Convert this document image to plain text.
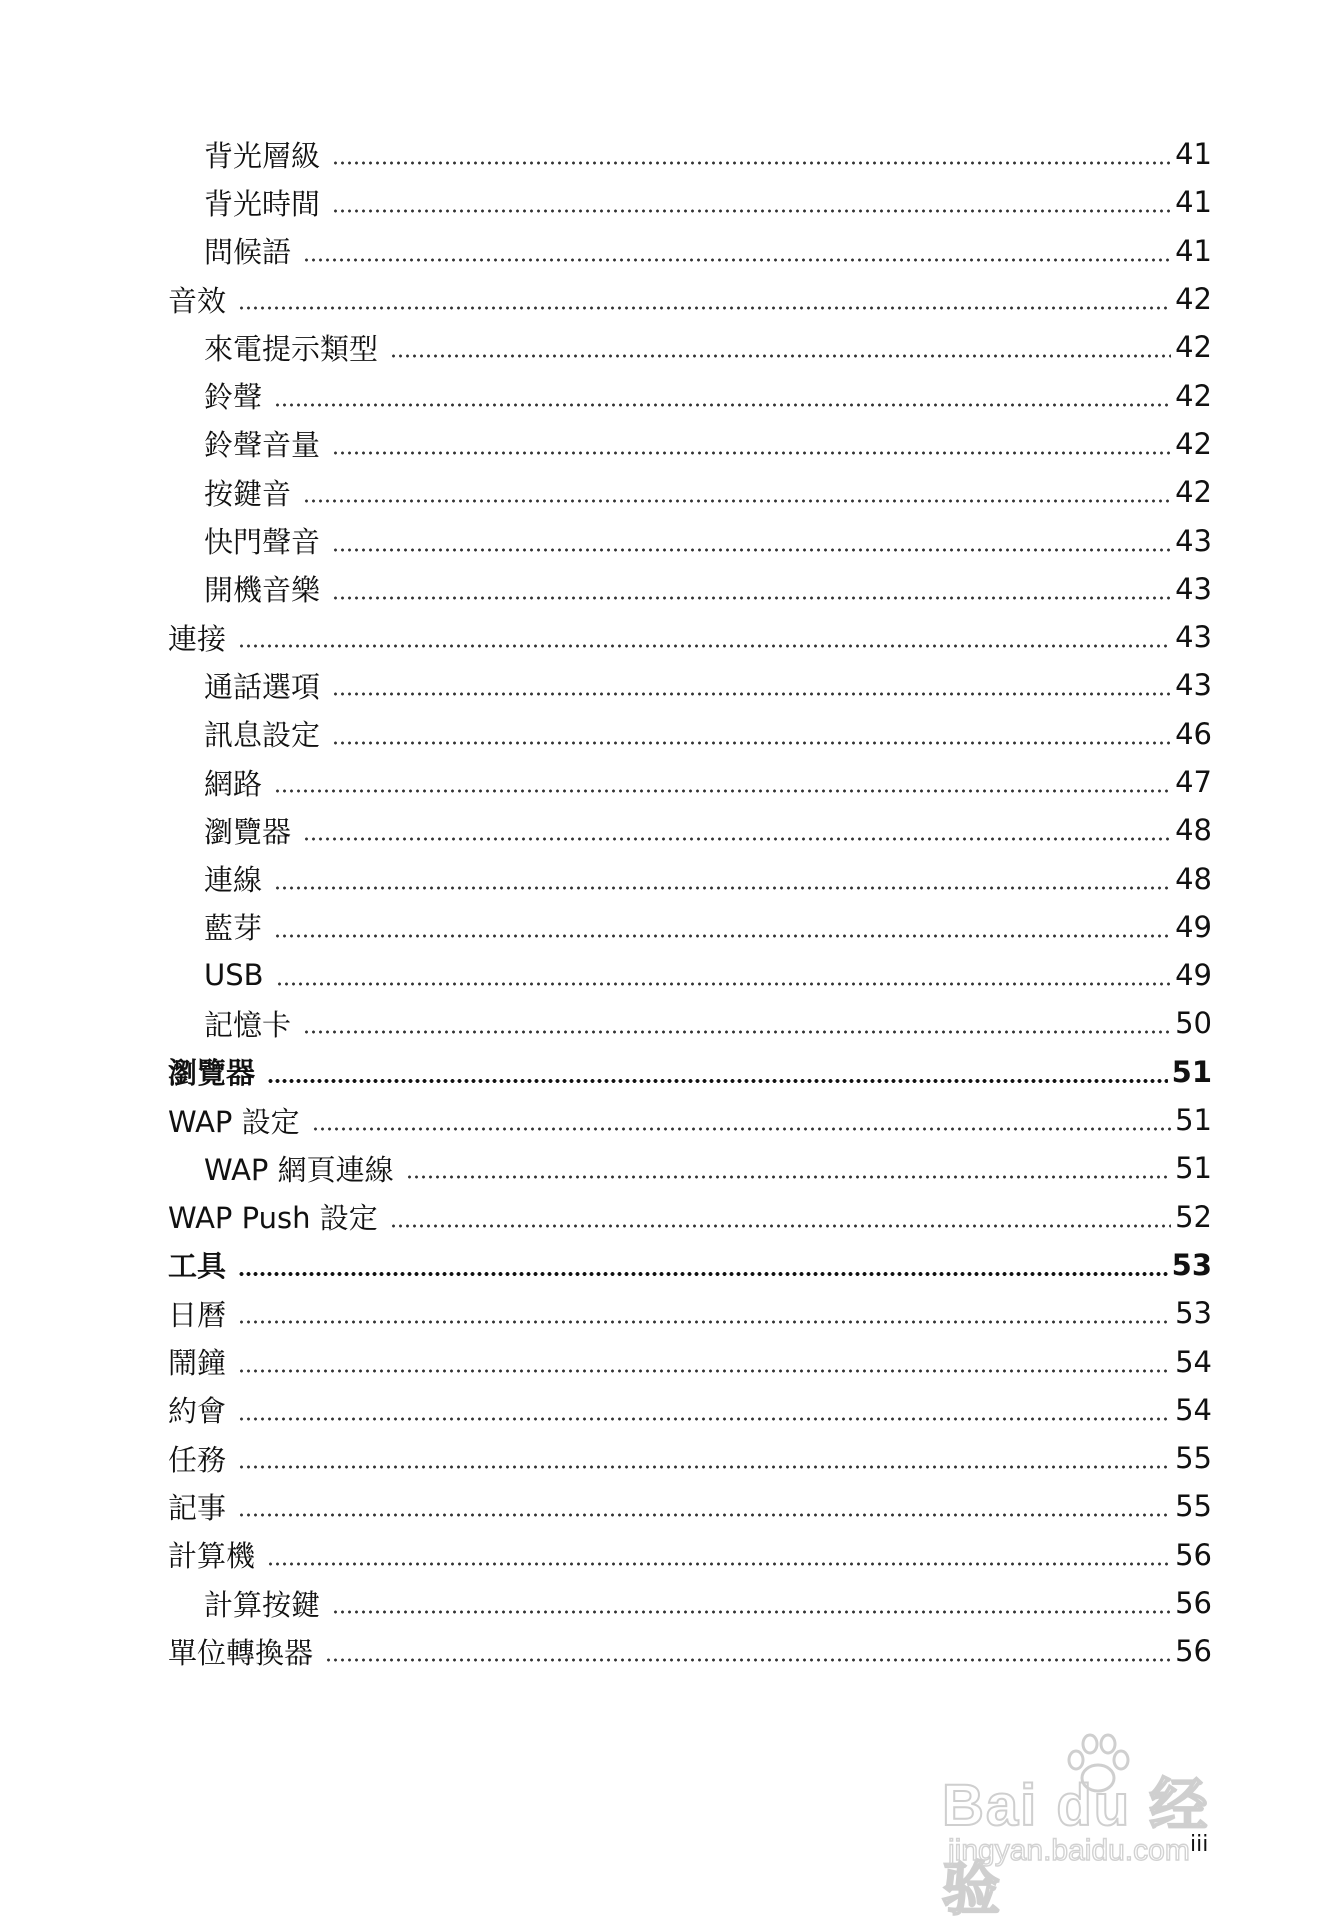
背光層級	41
背光時間	41
問候語	41
音效	42
來電提示類型	42
鈴聲	42
鈴聲音量	42
按鍵音	42
快門聲音	43
開機音樂	43
連接	43
通話選項	43
訊息設定	46
網路	47
瀏覽器	48
連線	48
藍芽	49
USB	49
記憶卡	50
瀏覽器	51
WAP 設定	51
WAP 網頁連線	51
WAP Push 設定	52
工具	53
日曆	53
鬧鐘	54
約會	54
任務	55
記事	55
計算機	56
計算按鍵	56
單位轉換器	56
iii
Bai du 经验
jingyan.baidu.com
